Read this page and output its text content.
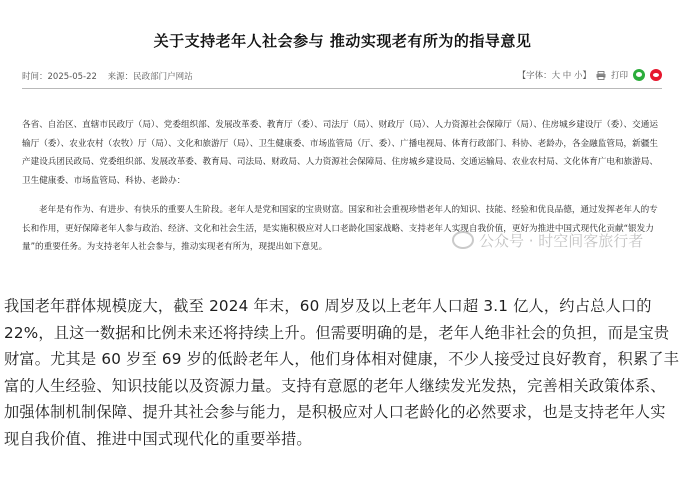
关于支持老年人社会参与 推动实现老有所为的指导意见
时间：2025-05-22 来源：民政部门户网站	【字体：大 中 小】 打印

各省、自治区、直辖市民政厅（局）、党委组织部、发展改革委、教育厅（委）、司法厅（局）、财政厅（局）、人力资源社会保障厅（局）、住房城乡建设厅（委）、交通运输厅（委）、农业农村（农牧）厅（局）、文化和旅游厅（局）、卫生健康委、市场监管局（厅、委）、广播电视局、体育行政部门、科协、老龄办，各金融监管局，新疆生产建设兵团民政局、党委组织部、发展改革委、教育局、司法局、财政局、人力资源社会保障局、住房城乡建设局、交通运输局、农业农村局、文化体育广电和旅游局、卫生健康委、市场监管局、科协、老龄办：

老年是有作为、有进步、有快乐的重要人生阶段。老年人是党和国家的宝贵财富。国家和社会重视珍惜老年人的知识、技能、经验和优良品德，通过发挥老年人的专长和作用，更好保障老年人参与政治、经济、文化和社会生活，是实施积极应对人口老龄化国家战略、支持老年人实现自我价值，更好为推进中国式现代化贡献“银发力量”的重要任务。为支持老年人社会参与，推动实现老有所为，现提出如下意见。	公众号 · 时空间客旅行者

我国老年群体规模庞大，截至 2024 年末，60 周岁及以上老年人口超 3.1 亿人，约占总人口的 22%，且这一数据和比例未来还将持续上升。但需要明确的是，老年人绝非社会的负担，而是宝贵财富。尤其是 60 岁至 69 岁的低龄老年人，他们身体相对健康，不少人接受过良好教育，积累了丰富的人生经验、知识技能以及资源力量。支持有意愿的老年人继续发光发热，完善相关政策体系、加强体制机制保障、提升其社会参与能力，是积极应对人口老龄化的必然要求，也是支持老年人实现自我价值、推进中国式现代化的重要举措。
